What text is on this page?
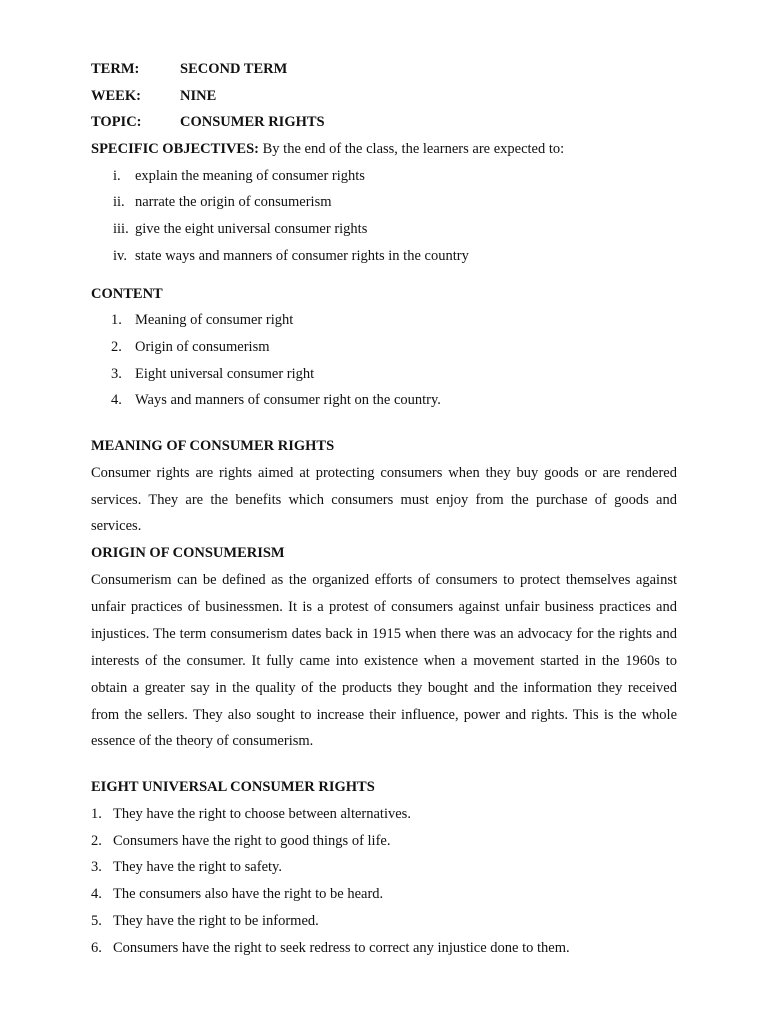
TERM:	SECOND TERM
WEEK:	NINE
TOPIC:	CONSUMER RIGHTS
SPECIFIC OBJECTIVES: By the end of the class, the learners are expected to:
i. explain the meaning of consumer rights
ii. narrate the origin of consumerism
iii. give the eight universal consumer rights
iv. state ways and manners of consumer rights in the country
CONTENT
1. Meaning of consumer right
2. Origin of consumerism
3. Eight universal consumer right
4. Ways and manners of consumer right on the country.
MEANING OF CONSUMER RIGHTS

Consumer rights are rights aimed at protecting consumers when they buy goods or are rendered services. They are the benefits which consumers must enjoy from the purchase of goods and services.

ORIGIN OF CONSUMERISM

Consumerism can be defined as the organized efforts of consumers to protect themselves against unfair practices of businessmen. It is a protest of consumers against unfair business practices and injustices. The term consumerism dates back in 1915 when there was an advocacy for the rights and interests of the consumer. It fully came into existence when a movement started in the 1960s to obtain a greater say in the quality of the products they bought and the information they received from the sellers. They also sought to increase their influence, power and rights. This is the whole essence of the theory of consumerism.

EIGHT UNIVERSAL CONSUMER RIGHTS
1. They have the right to choose between alternatives.
2. Consumers have the right to good things of life.
3. They have the right to safety.
4. The consumers also have the right to be heard.
5. They have the right to be informed.
6. Consumers have the right to seek redress to correct any injustice done to them.
